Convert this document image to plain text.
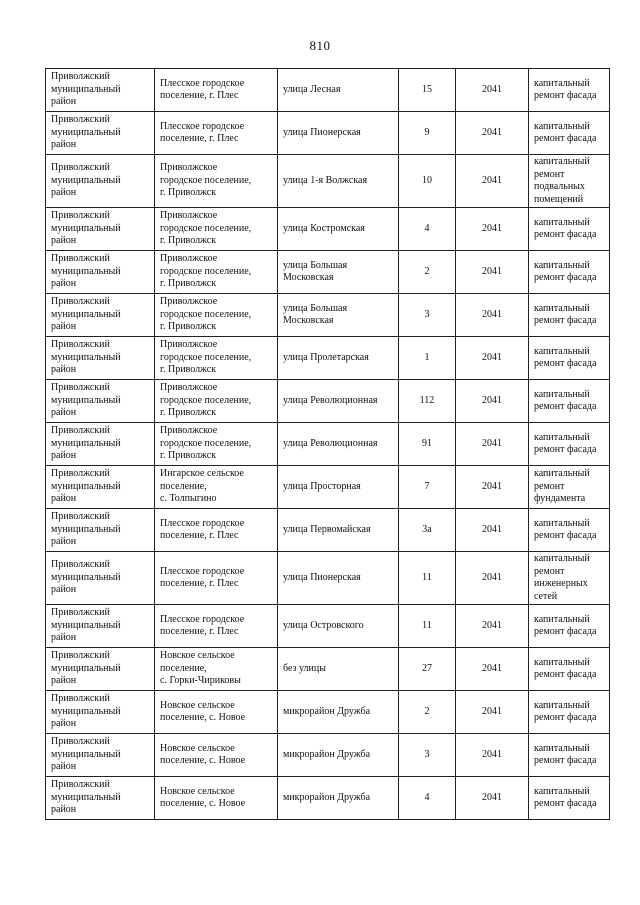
810
Приволжский
муниципальный
район	Плесское городское
поселение, г. Плес	улица Лесная	15	2041	капитальный
ремонт фасада

Приволжский
муниципальный
район	Плесское городское
поселение, г. Плес	улица Пионерская	9	2041	капитальный
ремонт фасада

Приволжский
муниципальный
район	Приволжское
городское поселение,
г. Приволжск	улица 1-я Волжская	10	2041	капитальный
ремонт
подвальных
помещений

Приволжский
муниципальный
район	Приволжское
городское поселение,
г. Приволжск	улица Костромская	4	2041	капитальный
ремонт фасада

Приволжский
муниципальный
район	Приволжское
городское поселение,
г. Приволжск	улица Большая
Московская	2	2041	капитальный
ремонт фасада

Приволжский
муниципальный
район	Приволжское
городское поселение,
г. Приволжск	улица Большая
Московская	3	2041	капитальный
ремонт фасада

Приволжский
муниципальный
район	Приволжское
городское поселение,
г. Приволжск	улица Пролетарская	1	2041	капитальный
ремонт фасада

Приволжский
муниципальный
район	Приволжское
городское поселение,
г. Приволжск	улица Революционная	112	2041	капитальный
ремонт фасада

Приволжский
муниципальный
район	Приволжское
городское поселение,
г. Приволжск	улица Революционная	91	2041	капитальный
ремонт фасада

Приволжский
муниципальный
район	Ингарское сельское
поселение,
с. Толпыгино	улица Просторная	7	2041	капитальный
ремонт
фундамента

Приволжский
муниципальный
район	Плесское городское
поселение, г. Плес	улица Первомайская	3а	2041	капитальный
ремонт фасада

Приволжский
муниципальный
район	Плесское городское
поселение, г. Плес	улица Пионерская	11	2041	капитальный
ремонт
инженерных
сетей

Приволжский
муниципальный
район	Плесское городское
поселение, г. Плес	улица Островского	11	2041	капитальный
ремонт фасада

Приволжский
муниципальный
район	Новское сельское
поселение,
с. Горки-Чириковы	без улицы	27	2041	капитальный
ремонт фасада

Приволжский
муниципальный
район	Новское сельское
поселение, с. Новое	микрорайон Дружба	2	2041	капитальный
ремонт фасада

Приволжский
муниципальный
район	Новское сельское
поселение, с. Новое	микрорайон Дружба	3	2041	капитальный
ремонт фасада

Приволжский
муниципальный
район	Новское сельское
поселение, с. Новое	микрорайон Дружба	4	2041	капитальный
ремонт фасада
